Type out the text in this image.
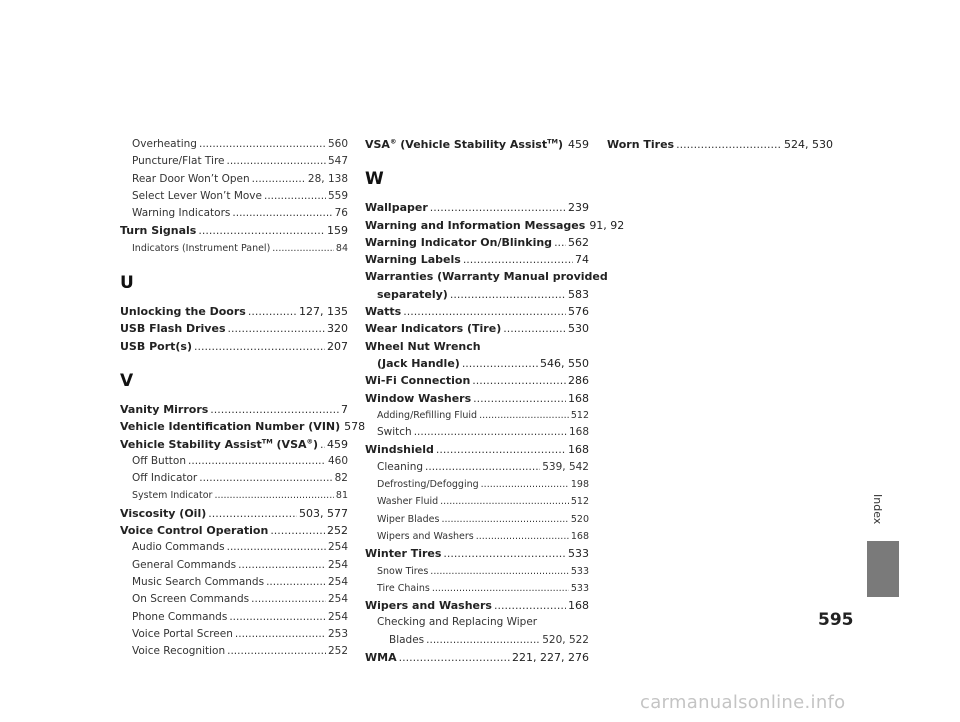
Overheating .....	560
Puncture/Flat Tire .....	547
Rear Door Won’t Open .....	28, 138
Select Lever Won’t Move .....	559
Warning Indicators .....	76
Turn Signals .....	159
Indicators (Instrument Panel) .....	84
U
Unlocking the Doors .....	127, 135
USB Flash Drives .....	320
USB Port(s) .....	207
V
Vanity Mirrors .....	7
Vehicle Identification Number (VIN) 578
Vehicle Stability Assist™ (VSA®) ..... 459
Off Button .....	460
Off Indicator .....	82
System Indicator .....	81
Viscosity (Oil) .....	503, 577
Voice Control Operation .....	252
Audio Commands .....	254
General Commands .....	254
Music Search Commands .....	254
On Screen Commands .....	254
Phone Commands .....	254
Voice Portal Screen .....	253
Voice Recognition .....	252
VSA® (Vehicle Stability Assist™) ..... 459
W
Wallpaper .....	239
Warning and Information Messages 91, 92
Warning Indicator On/Blinking ..... 562
Warning Labels .....	74
Warranties (Warranty Manual provided
separately) .....	583
Watts .....	576
Wear Indicators (Tire) .....	530
Wheel Nut Wrench
(Jack Handle) .....	546, 550
Wi-Fi Connection .....	286
Window Washers .....	168
Adding/Refilling Fluid .....	512
Switch .....	168
Windshield .....	168
Cleaning .....	539, 542
Defrosting/Defogging .....	198
Washer Fluid .....	512
Wiper Blades .....	520
Wipers and Washers .....	168
Winter Tires .....	533
Snow Tires .....	533
Tire Chains .....	533
Wipers and Washers .....	168
Checking and Replacing Wiper
Blades .....	520, 522
WMA .....	221, 227, 276
Worn Tires .....	524, 530
Index
595
carmanualsonline.info
